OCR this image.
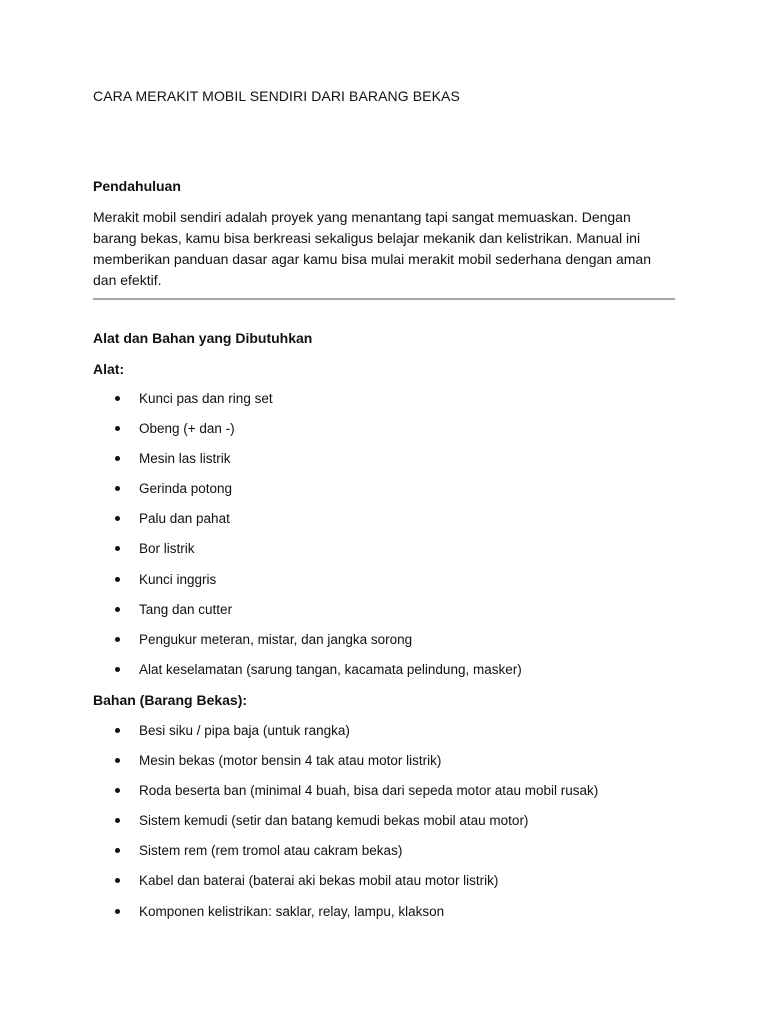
CARA MERAKIT MOBIL SENDIRI DARI BARANG BEKAS
Pendahuluan

Merakit mobil sendiri adalah proyek yang menantang tapi sangat memuaskan. Dengan barang bekas, kamu bisa berkreasi sekaligus belajar mekanik dan kelistrikan. Manual ini memberikan panduan dasar agar kamu bisa mulai merakit mobil sederhana dengan aman dan efektif.

Alat dan Bahan yang Dibutuhkan
Alat:
Kunci pas dan ring set
Obeng (+ dan -)
Mesin las listrik
Gerinda potong
Palu dan pahat
Bor listrik
Kunci inggris
Tang dan cutter
Pengukur meteran, mistar, dan jangka sorong
Alat keselamatan (sarung tangan, kacamata pelindung, masker)
Bahan (Barang Bekas):
Besi siku / pipa baja (untuk rangka)
Mesin bekas (motor bensin 4 tak atau motor listrik)
Roda beserta ban (minimal 4 buah, bisa dari sepeda motor atau mobil rusak)
Sistem kemudi (setir dan batang kemudi bekas mobil atau motor)
Sistem rem (rem tromol atau cakram bekas)
Kabel dan baterai (baterai aki bekas mobil atau motor listrik)
Komponen kelistrikan: saklar, relay, lampu, klakson
